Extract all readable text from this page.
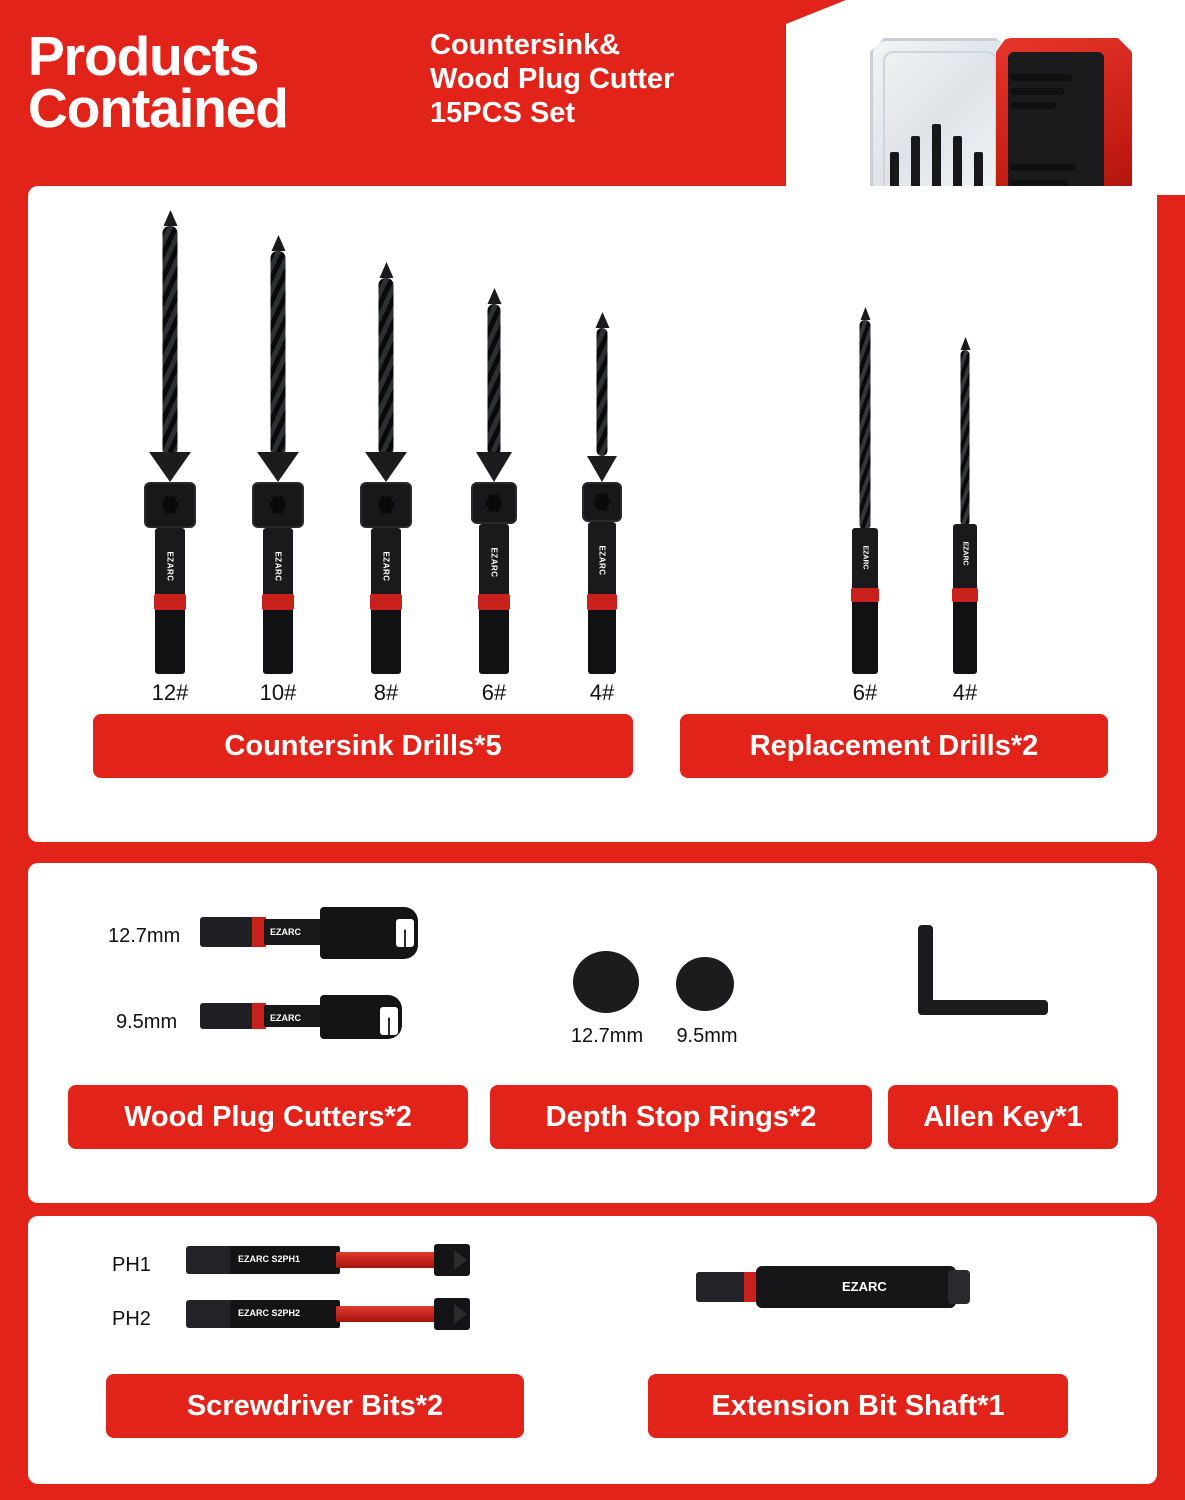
Products
Contained
Countersink&
Wood Plug Cutter
15PCS Set
EZARC
12#
EZARC
10#
EZARC
8#
EZARC
6#
EZARC
4#
EZARC
6#
EZARC
4#
Countersink Drills*5	Replacement Drills*2
12.7mm	EZARC
9.5mm	EZARC
12.7mm	9.5mm
Wood Plug Cutters*2	Depth Stop Rings*2	Allen Key*1
PH1	EZARC S2PH1
PH2	EZARC S2PH2
EZARC
Screwdriver Bits*2	Extension Bit Shaft*1
